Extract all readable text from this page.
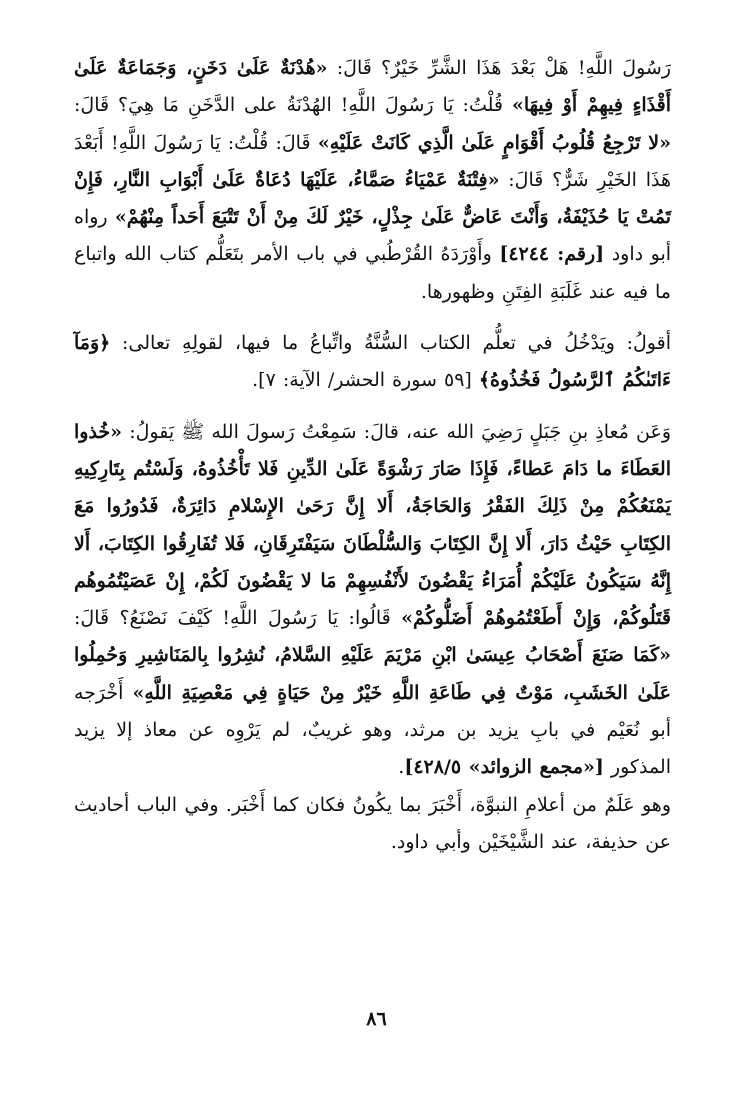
رَسُولَ اللَّهِ! هَلْ بَعْدَ هَذَا الشَّرِّ خَيْرٌ؟ قَالَ: «هُدْنَةٌ عَلَىٰ دَخَنٍ، وَجَمَاعَةٌ عَلَىٰ أَقْذَاءٍ فِيهِمْ أَوْ فِيهَا» قُلْتُ: يَا رَسُولَ اللَّهِ! الهُدْنَةُ على الدَّخَنِ مَا هِيَ؟ قَالَ: «لا تَرْجِعُ قُلُوبُ أَقْوَامٍ عَلَىٰ الَّذِي كَانَتْ عَلَيْهِ» قَالَ: قُلْتُ: يَا رَسُولَ اللَّهِ! أَبَعْدَ هَذَا الخَيْرِ شَرٌّ؟ قَالَ: «فِتْنَةٌ عَمْيَاءُ صَمَّاءُ، عَلَيْهَا دُعَاةٌ عَلَىٰ أَبْوَابِ النَّارِ، فَإِنْ تَمُتْ يَا حُذَيْفَةُ، وَأَنْتَ عَاضٌّ عَلَىٰ جِذْلٍ، خَيْرٌ لَكَ مِنْ أَنْ تَتْبَعَ أَحَداً مِنْهُمْ» رواه أبو داود [رقم: ٤٢٤٤] وأَوْرَدَهُ القُرْطُبي في باب الأمر بتَعَلُّم كتاب الله واتباع ما فيه عند غَلَبَةِ الفِتَنِ وظهورها.

أقولُ: ويَدْخُلُ في تعلُّم الكتاب السُّنَّةُ واتِّباعُ ما فيها، لقولِهِ تعالى: ﴿وَمَآ ءَاتَىٰكُمُ ٱلرَّسُولُ فَخُذُوهُ﴾ [٥٩ سورة الحشر/ الآية: ٧].

وَعَن مُعاذِ بنِ جَبَلٍ رَضِيَ الله عنه، قالَ: سَمِعْتُ رَسولَ الله ﷺ يَقولُ: «خُذوا العَطَاءَ ما دَامَ عَطاءً، فَإِذَا صَارَ رَشْوَةً عَلَىٰ الدِّينِ فَلا تَأْخُذُوهُ، وَلَسْتُم بِتَارِكِيهِ يَمْنَعُكُمْ مِنْ ذَلِكَ الفَقْرُ وَالحَاجَةُ، أَلا إِنَّ رَحَىٰ الإِسْلامِ دَائِرَةٌ، فَدُورُوا مَعَ الكِتَابِ حَيْثُ دَارَ، أَلا إِنَّ الكِتَابَ وَالسُّلْطَانَ سَيَفْتَرِقَانِ، فَلا تُفَارِقُوا الكِتَابَ، أَلا إِنَّهُ سَيَكُونُ عَلَيْكُمْ أُمَرَاءُ يَقْضُونَ لأَنْفُسِهِمْ مَا لا يَقْضُونَ لَكُمْ، إِنْ عَصَيْتُمُوهُم قَتَلُوكُمْ، وَإِنْ أَطَعْتُمُوهُمْ أَضَلُّوكُمْ» قَالُوا: يَا رَسُولَ اللَّهِ! كَيْفَ نَصْنَعُ؟ قَالَ: «كَمَا صَنَعَ أَصْحَابُ عِيسَىٰ ابْنِ مَرْيَمَ عَلَيْهِ السَّلامُ، نُشِرُوا بِالمَنَاشِيرِ وَحُمِلُوا عَلَىٰ الخَشَبِ، مَوْتٌ فِي طَاعَةِ اللَّهِ خَيْرٌ مِنْ حَيَاةٍ فِي مَعْصِيَةِ اللَّهِ» أَخْرَجه أبو نُعَيْم في بابِ يزيد بن مرثد، وهو غريبٌ، لم يَرْوِه عن معاذ إلا يزيد المذكور [«مجمع الزوائد» ٤٢٨/٥].

وهو عَلَمٌ من أعلامِ النبوَّة، أَخْبَرَ بما يكُونُ فكان كما أَخْبَر. وفي الباب أحاديث عن حذيفة، عند الشَّيْخَيْن وأبي داود.

٨٦
